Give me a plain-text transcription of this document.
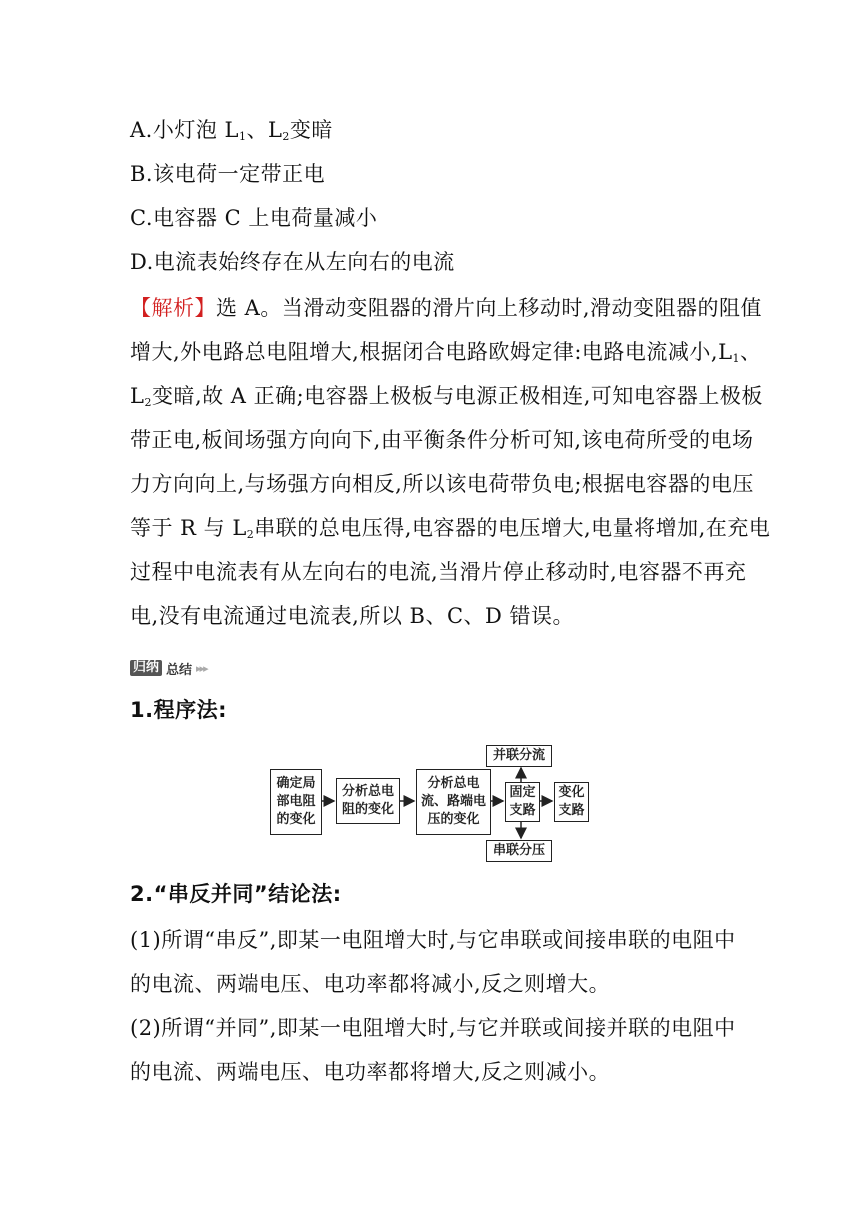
A.小灯泡 $L_1$、$L_2$变暗
B.该电荷一定带正电
C.电容器 C 上电荷量减小
D.电流表始终存在从左向右的电流
【解析】选 A。当滑动变阻器的滑片向上移动时,滑动变阻器的阻值
增大,外电路总电阻增大,根据闭合电路欧姆定律:电路电流减小$,L_1$、
$L_2$变暗,故 A 正确;电容器上极板与电源正极相连,可知电容器上极板
带正电,板间场强方向向下,由平衡条件分析可知,该电荷所受的电场
力方向向上,与场强方向相反,所以该电荷带负电;根据电容器的电压
等于 R 与 $L_2$串联的总电压得,电容器的电压增大,电量将增加,在充电
过程中电流表有从左向右的电流,当滑片停止移动时,电容器不再充
电,没有电流通过电流表,所以 B、C、D 错误。
归纳 总结 ▸▸▸
1.程序法:
确定局部电阻的变化
分析总电阻的变化
分析总电流、路端电压的变化
固定支路
变化支路
并联分流
串联分压
2.“串反并同”结论法:
(1)所谓“串反”,即某一电阻增大时,与它串联或间接串联的电阻中
的电流、两端电压、电功率都将减小,反之则增大。
(2)所谓“并同”,即某一电阻增大时,与它并联或间接并联的电阻中
的电流、两端电压、电功率都将增大,反之则减小。
